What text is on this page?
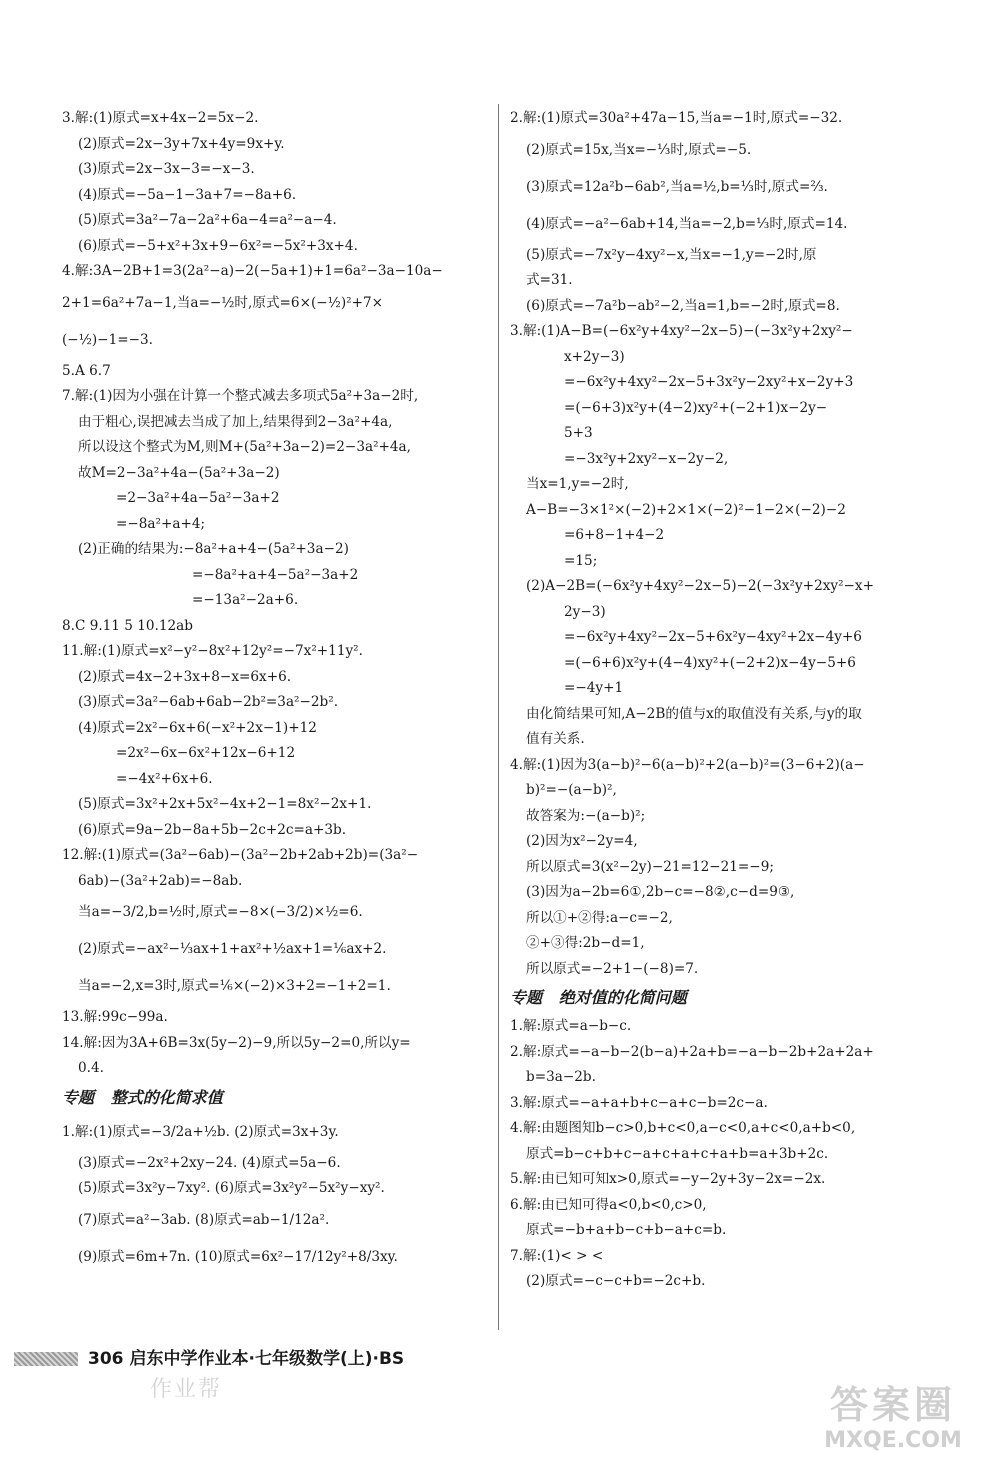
3.解:(1)原式=x+4x−2=5x−2.
(2)原式=2x−3y+7x+4y=9x+y.
(3)原式=2x−3x−3=−x−3.
(4)原式=−5a−1−3a+7=−8a+6.
(5)原式=3a²−7a−2a²+6a−4=a²−a−4.
(6)原式=−5+x²+3x+9−6x²=−5x²+3x+4.
4.解:3A−2B+1=3(2a²−a)−2(−5a+1)+1=6a²−3a−10a−
2+1=6a²+7a−1,当a=−½时,原式=6×(−½)²+7×
(−½)−1=−3.
5.A 6.7
7.解:(1)因为小强在计算一个整式减去多项式5a²+3a−2时,
由于粗心,误把减去当成了加上,结果得到2−3a²+4a,
所以设这个整式为M,则M+(5a²+3a−2)=2−3a²+4a,
故M=2−3a²+4a−(5a²+3a−2)
=2−3a²+4a−5a²−3a+2
=−8a²+a+4;
(2)正确的结果为:−8a²+a+4−(5a²+3a−2)
=−8a²+a+4−5a²−3a+2
=−13a²−2a+6.
8.C 9.11 5 10.12ab
11.解:(1)原式=x²−y²−8x²+12y²=−7x²+11y².
(2)原式=4x−2+3x+8−x=6x+6.
(3)原式=3a²−6ab+6ab−2b²=3a²−2b².
(4)原式=2x²−6x+6(−x²+2x−1)+12
=2x²−6x−6x²+12x−6+12
=−4x²+6x+6.
(5)原式=3x²+2x+5x²−4x+2−1=8x²−2x+1.
(6)原式=9a−2b−8a+5b−2c+2c=a+3b.
12.解:(1)原式=(3a²−6ab)−(3a²−2b+2ab+2b)=(3a²−
6ab)−(3a²+2ab)=−8ab.
当a=−3/2,b=½时,原式=−8×(−3/2)×½=6.
(2)原式=−ax²−⅓ax+1+ax²+½ax+1=⅙ax+2.
当a=−2,x=3时,原式=⅙×(−2)×3+2=−1+2=1.
13.解:99c−99a.
14.解:因为3A+6B=3x(5y−2)−9,所以5y−2=0,所以y=
0.4.
专题   整式的化简求值
1.解:(1)原式=−3/2a+½b. (2)原式=3x+3y.
(3)原式=−2x²+2xy−24. (4)原式=5a−6.
(5)原式=3x²y−7xy². (6)原式=3x²y²−5x²y−xy².
(7)原式=a²−3ab. (8)原式=ab−1/12a².
(9)原式=6m+7n. (10)原式=6x²−17/12y²+8/3xy.
2.解:(1)原式=30a²+47a−15,当a=−1时,原式=−32.
(2)原式=15x,当x=−⅓时,原式=−5.
(3)原式=12a²b−6ab²,当a=½,b=⅓时,原式=⅔.
(4)原式=−a²−6ab+14,当a=−2,b=⅓时,原式=14.
(5)原式=−7x²y−4xy²−x,当x=−1,y=−2时,原
式=31.
(6)原式=−7a²b−ab²−2,当a=1,b=−2时,原式=8.
3.解:(1)A−B=(−6x²y+4xy²−2x−5)−(−3x²y+2xy²−
x+2y−3)
=−6x²y+4xy²−2x−5+3x²y−2xy²+x−2y+3
=(−6+3)x²y+(4−2)xy²+(−2+1)x−2y−
5+3
=−3x²y+2xy²−x−2y−2,
当x=1,y=−2时,
A−B=−3×1²×(−2)+2×1×(−2)²−1−2×(−2)−2
=6+8−1+4−2
=15;
(2)A−2B=(−6x²y+4xy²−2x−5)−2(−3x²y+2xy²−x+
2y−3)
=−6x²y+4xy²−2x−5+6x²y−4xy²+2x−4y+6
=(−6+6)x²y+(4−4)xy²+(−2+2)x−4y−5+6
=−4y+1
由化简结果可知,A−2B的值与x的取值没有关系,与y的取
值有关系.
4.解:(1)因为3(a−b)²−6(a−b)²+2(a−b)²=(3−6+2)(a−
b)²=−(a−b)²,
故答案为:−(a−b)²;
(2)因为x²−2y=4,
所以原式=3(x²−2y)−21=12−21=−9;
(3)因为a−2b=6①,2b−c=−8②,c−d=9③,
所以①+②得:a−c=−2,
②+③得:2b−d=1,
所以原式=−2+1−(−8)=7.
专题   绝对值的化简问题
1.解:原式=a−b−c.
2.解:原式=−a−b−2(b−a)+2a+b=−a−b−2b+2a+2a+
b=3a−2b.
3.解:原式=−a+a+b+c−a+c−b=2c−a.
4.解:由题图知b−c>0,b+c<0,a−c<0,a+c<0,a+b<0,
原式=b−c+b+c−a+c+a+c+a+b=a+3b+2c.
5.解:由已知可知x>0,原式=−y−2y+3y−2x=−2x.
6.解:由已知可得a<0,b<0,c>0,
原式=−b+a+b−c+b−a+c=b.
7.解:(1)< > <
(2)原式=−c−c+b=−2c+b.
306 启东中学作业本·七年级数学(上)·BS
作业帮	答案圈
MXQE.COM
